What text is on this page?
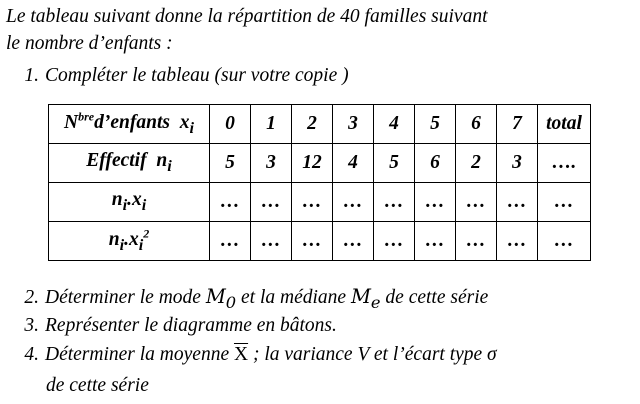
Le tableau suivant donne la répartition de 40 familles suivant
le nombre d’enfants :
1. Compléter le tableau (sur votre copie )
$N^{bre}d’enfants$ $x_i$	0	1	2	3	4	5	6	7	total
Effectif $n_i$	5	3	12	4	5	6	2	3	….
$n_i.x_i$	…	…	…	…	…	…	…	…	…
$n_i.x_i^2$	…	…	…	…	…	…	…	…	…
2. Déterminer le mode $M_0$ et la médiane $M_e$ de cette série
3. Représenter le diagramme en bâtons.
4. Déterminer la moyenne $\overline{X}$ ; la variance V et l’écart type σ
de cette série
